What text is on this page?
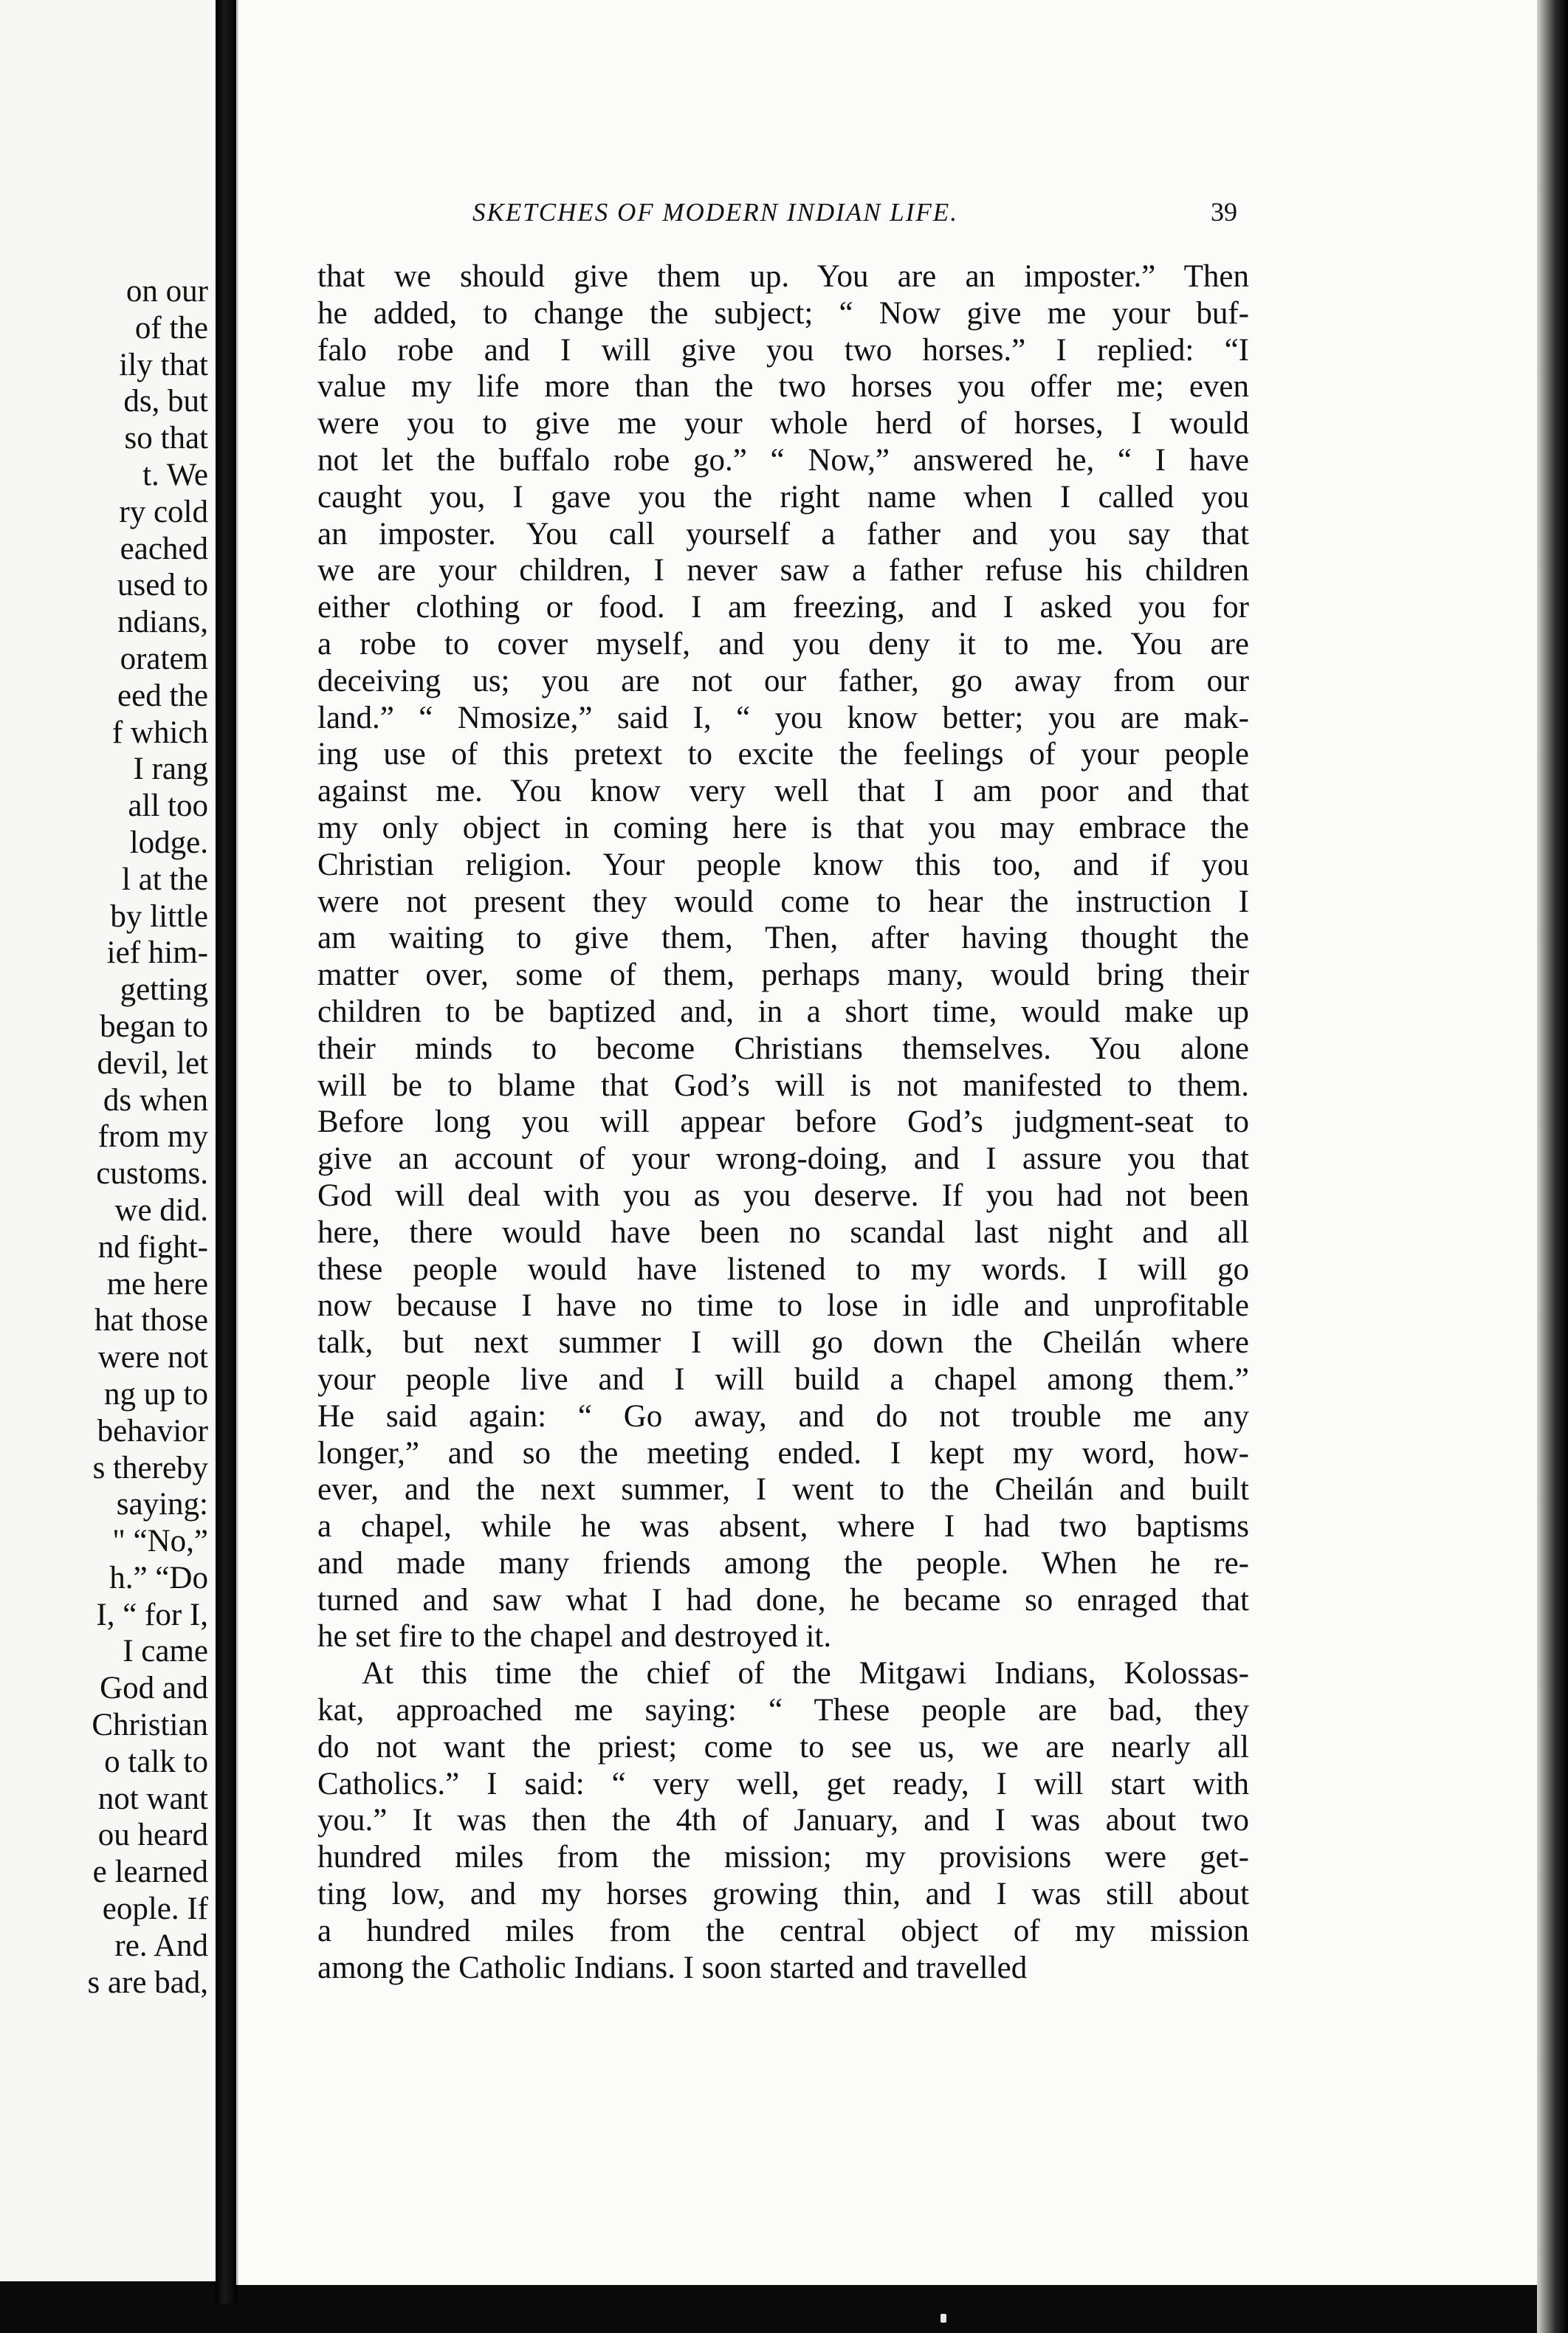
on our
of the
ily that
ds, but
so that
t. We
ry cold
eached
used to
ndians,
oratem
eed the
f which
I rang
all too
lodge.
l at the
by little
ief him-
getting
began to
devil, let
ds when
from my
customs.
we did.
nd fight-
me here
hat those
were not
ng up to
behavior
s thereby
saying:
" “No,”
h.” “Do
I, “ for I,
I came
God and
Christian
o talk to
not want
ou heard
e learned
eople. If
re. And
s are bad,
SKETCHES OF MODERN INDIAN LIFE.	39
that we should give them up. You are an imposter.” Then
he added, to change the subject; “ Now give me your buf-
falo robe and I will give you two horses.” I replied: “I
value my life more than the two horses you offer me; even
were you to give me your whole herd of horses, I would
not let the buffalo robe go.” “ Now,” answered he, “ I have
caught you, I gave you the right name when I called you
an imposter. You call yourself a father and you say that
we are your children, I never saw a father refuse his children
either clothing or food. I am freezing, and I asked you for
a robe to cover myself, and you deny it to me. You are
deceiving us; you are not our father, go away from our
land.” “ Nmosize,” said I, “ you know better; you are mak-
ing use of this pretext to excite the feelings of your people
against me. You know very well that I am poor and that
my only object in coming here is that you may embrace the
Christian religion. Your people know this too, and if you
were not present they would come to hear the instruction I
am waiting to give them, Then, after having thought the
matter over, some of them, perhaps many, would bring their
children to be baptized and, in a short time, would make up
their minds to become Christians themselves. You alone
will be to blame that God’s will is not manifested to them.
Before long you will appear before God’s judgment-seat to
give an account of your wrong-doing, and I assure you that
God will deal with you as you deserve. If you had not been
here, there would have been no scandal last night and all
these people would have listened to my words. I will go
now because I have no time to lose in idle and unprofitable
talk, but next summer I will go down the Cheilán where
your people live and I will build a chapel among them.”
He said again: “ Go away, and do not trouble me any
longer,” and so the meeting ended. I kept my word, how-
ever, and the next summer, I went to the Cheilán and built
a chapel, while he was absent, where I had two baptisms
and made many friends among the people. When he re-
turned and saw what I had done, he became so enraged that
he set fire to the chapel and destroyed it.
At this time the chief of the Mitgawi Indians, Kolossas-
kat, approached me saying: “ These people are bad, they
do not want the priest; come to see us, we are nearly all
Catholics.” I said: “ very well, get ready, I will start with
you.” It was then the 4th of January, and I was about two
hundred miles from the mission; my provisions were get-
ting low, and my horses growing thin, and I was still about
a hundred miles from the central object of my mission
among the Catholic Indians. I soon started and travelled
